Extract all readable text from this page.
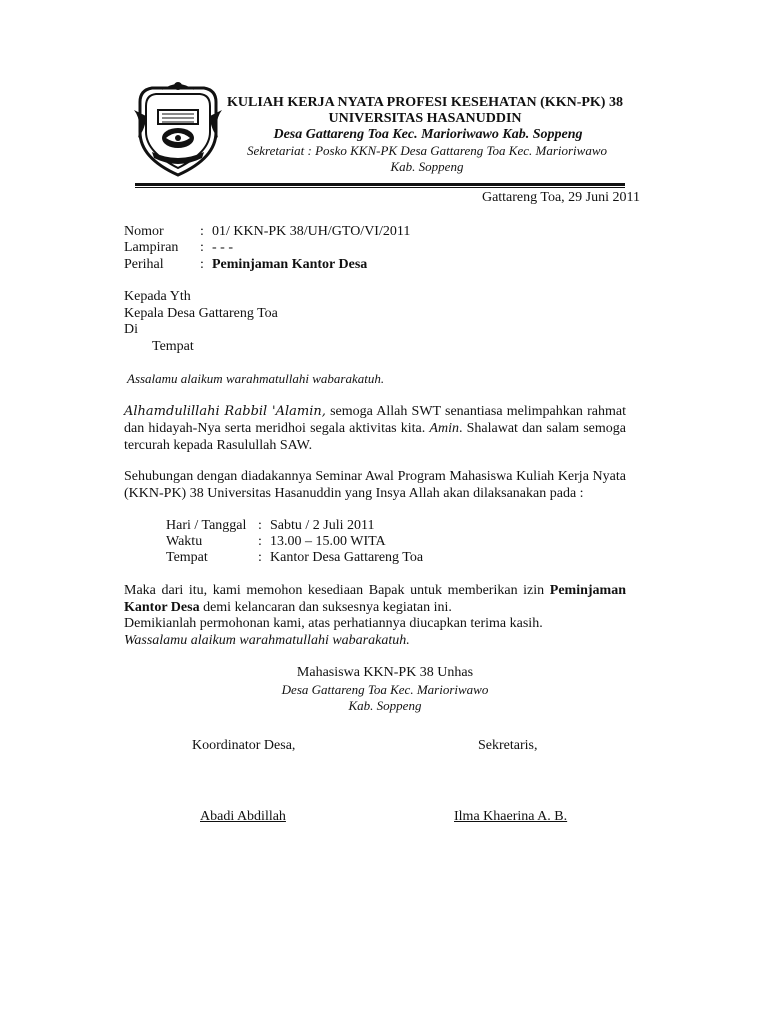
KULIAH KERJA NYATA PROFESI KESEHATAN (KKN-PK) 38
UNIVERSITAS HASANUDDIN
Desa Gattareng Toa Kec. Marioriwawo Kab. Soppeng
Sekretariat : Posko KKN-PK Desa Gattareng Toa Kec. Marioriwawo
Kab. Soppeng
Gattareng Toa, 29 Juni 2011
Nomor	: 01/ KKN-PK 38/UH/GTO/VI/2011
Lampiran	: - - -
Perihal	: Peminjaman Kantor Desa
Kepada Yth
Kepala Desa Gattareng Toa
Di
Tempat
Assalamu alaikum warahmatullahi wabarakatuh.
Alhamdulillahi Rabbil 'Alamin, semoga Allah SWT senantiasa melimpahkan rahmat dan hidayah-Nya serta meridhoi segala aktivitas kita. Amin. Shalawat dan salam semoga tercurah kepada Rasulullah SAW.
Sehubungan dengan diadakannya Seminar Awal Program Mahasiswa Kuliah Kerja Nyata (KKN-PK) 38 Universitas Hasanuddin yang Insya Allah akan dilaksanakan pada :
Hari / Tanggal : Sabtu / 2 Juli 2011
Waktu	: 13.00 – 15.00 WITA
Tempat	: Kantor Desa Gattareng Toa
Maka dari itu, kami memohon kesediaan Bapak untuk memberikan izin Peminjaman Kantor Desa demi kelancaran dan suksesnya kegiatan ini.
Demikianlah permohonan kami, atas perhatiannya diucapkan terima kasih.
Wassalamu alaikum warahmatullahi wabarakatuh.
Mahasiswa KKN-PK 38 Unhas
Desa Gattareng Toa Kec. Marioriwawo
Kab. Soppeng
Koordinator Desa,	Sekretaris,
Abadi Abdillah	Ilma Khaerina A. B.
